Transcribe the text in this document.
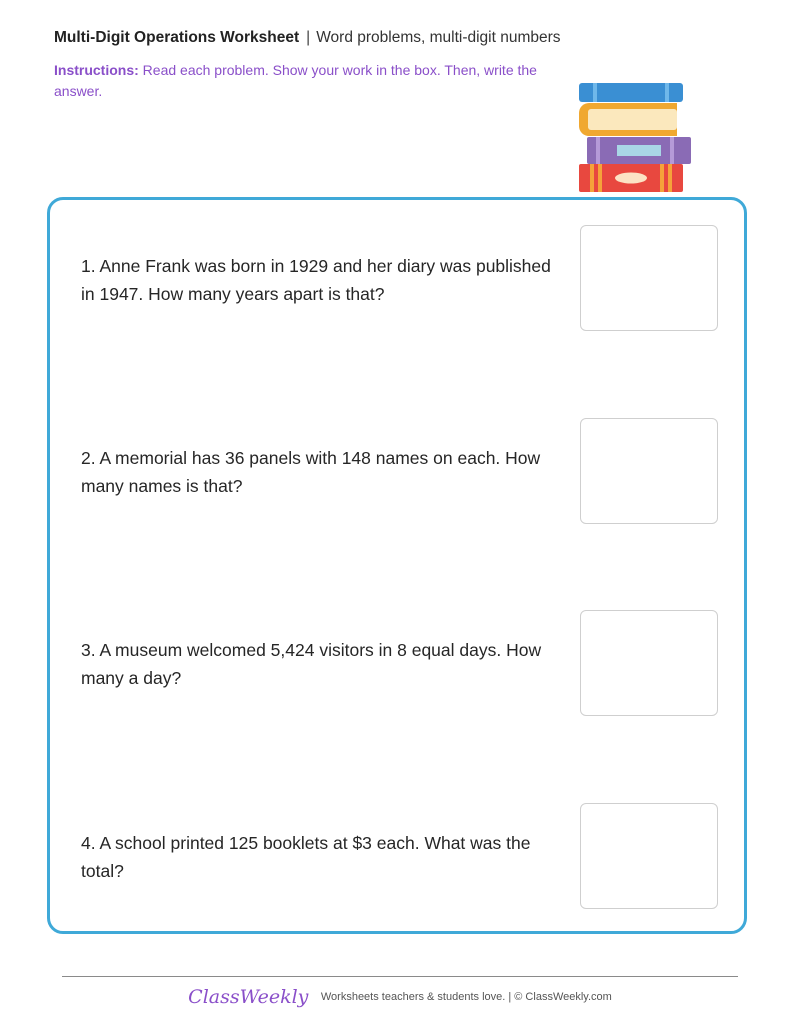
Multi-Digit Operations Worksheet | Word problems, multi-digit numbers
Instructions: Read each problem. Show your work in the box. Then, write the answer.
1. Anne Frank was born in 1929 and her diary was published in 1947. How many years apart is that?
2. A memorial has 36 panels with 148 names on each. How many names is that?
3. A museum welcomed 5,424 visitors in 8 equal days. How many a day?
4. A school printed 125 booklets at $3 each. What was the total?
ClassWeekly Worksheets teachers & students love. | © ClassWeekly.com
